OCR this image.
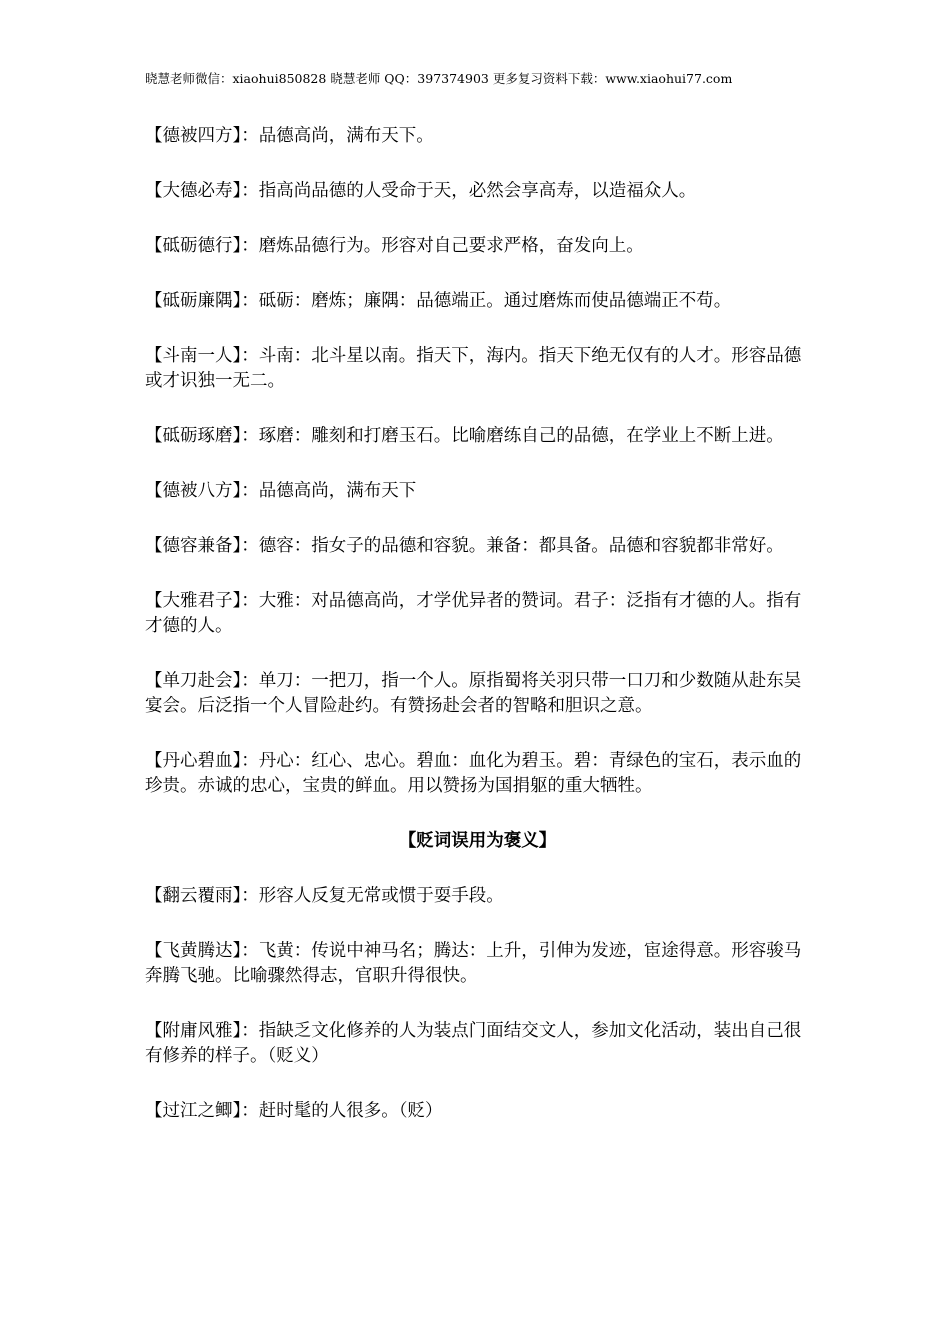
晓慧老师微信：xiaohui850828 晓慧老师 QQ：397374903 更多复习资料下载：www.xiaohui77.com

【德被四方】：品德高尚，满布天下。

【大德必寿】：指高尚品德的人受命于天，必然会享高寿，以造福众人。

【砥砺德行】：磨炼品德行为。形容对自己要求严格，奋发向上。

【砥砺廉隅】：砥砺：磨炼；廉隅：品德端正。通过磨炼而使品德端正不苟。

【斗南一人】：斗南：北斗星以南。指天下，海内。指天下绝无仅有的人才。形容品德或才识独一无二。

【砥砺琢磨】：琢磨：雕刻和打磨玉石。比喻磨练自己的品德，在学业上不断上进。

【德被八方】：品德高尚，满布天下

【德容兼备】：德容：指女子的品德和容貌。兼备：都具备。品德和容貌都非常好。

【大雅君子】：大雅：对品德高尚，才学优异者的赞词。君子：泛指有才德的人。指有才德的人。

【单刀赴会】：单刀：一把刀，指一个人。原指蜀将关羽只带一口刀和少数随从赴东吴宴会。后泛指一个人冒险赴约。有赞扬赴会者的智略和胆识之意。

【丹心碧血】：丹心：红心、忠心。碧血：血化为碧玉。碧：青绿色的宝石，表示血的珍贵。赤诚的忠心，宝贵的鲜血。用以赞扬为国捐躯的重大牺牲。

【贬词误用为褒义】

【翻云覆雨】：形容人反复无常或惯于耍手段。

【飞黄腾达】：飞黄：传说中神马名；腾达：上升，引伸为发迹，宦途得意。形容骏马奔腾飞驰。比喻骤然得志，官职升得很快。

【附庸风雅】：指缺乏文化修养的人为装点门面结交文人，参加文化活动，装出自己很有修养的样子。（贬义）

【过江之鲫】：赶时髦的人很多。（贬）
